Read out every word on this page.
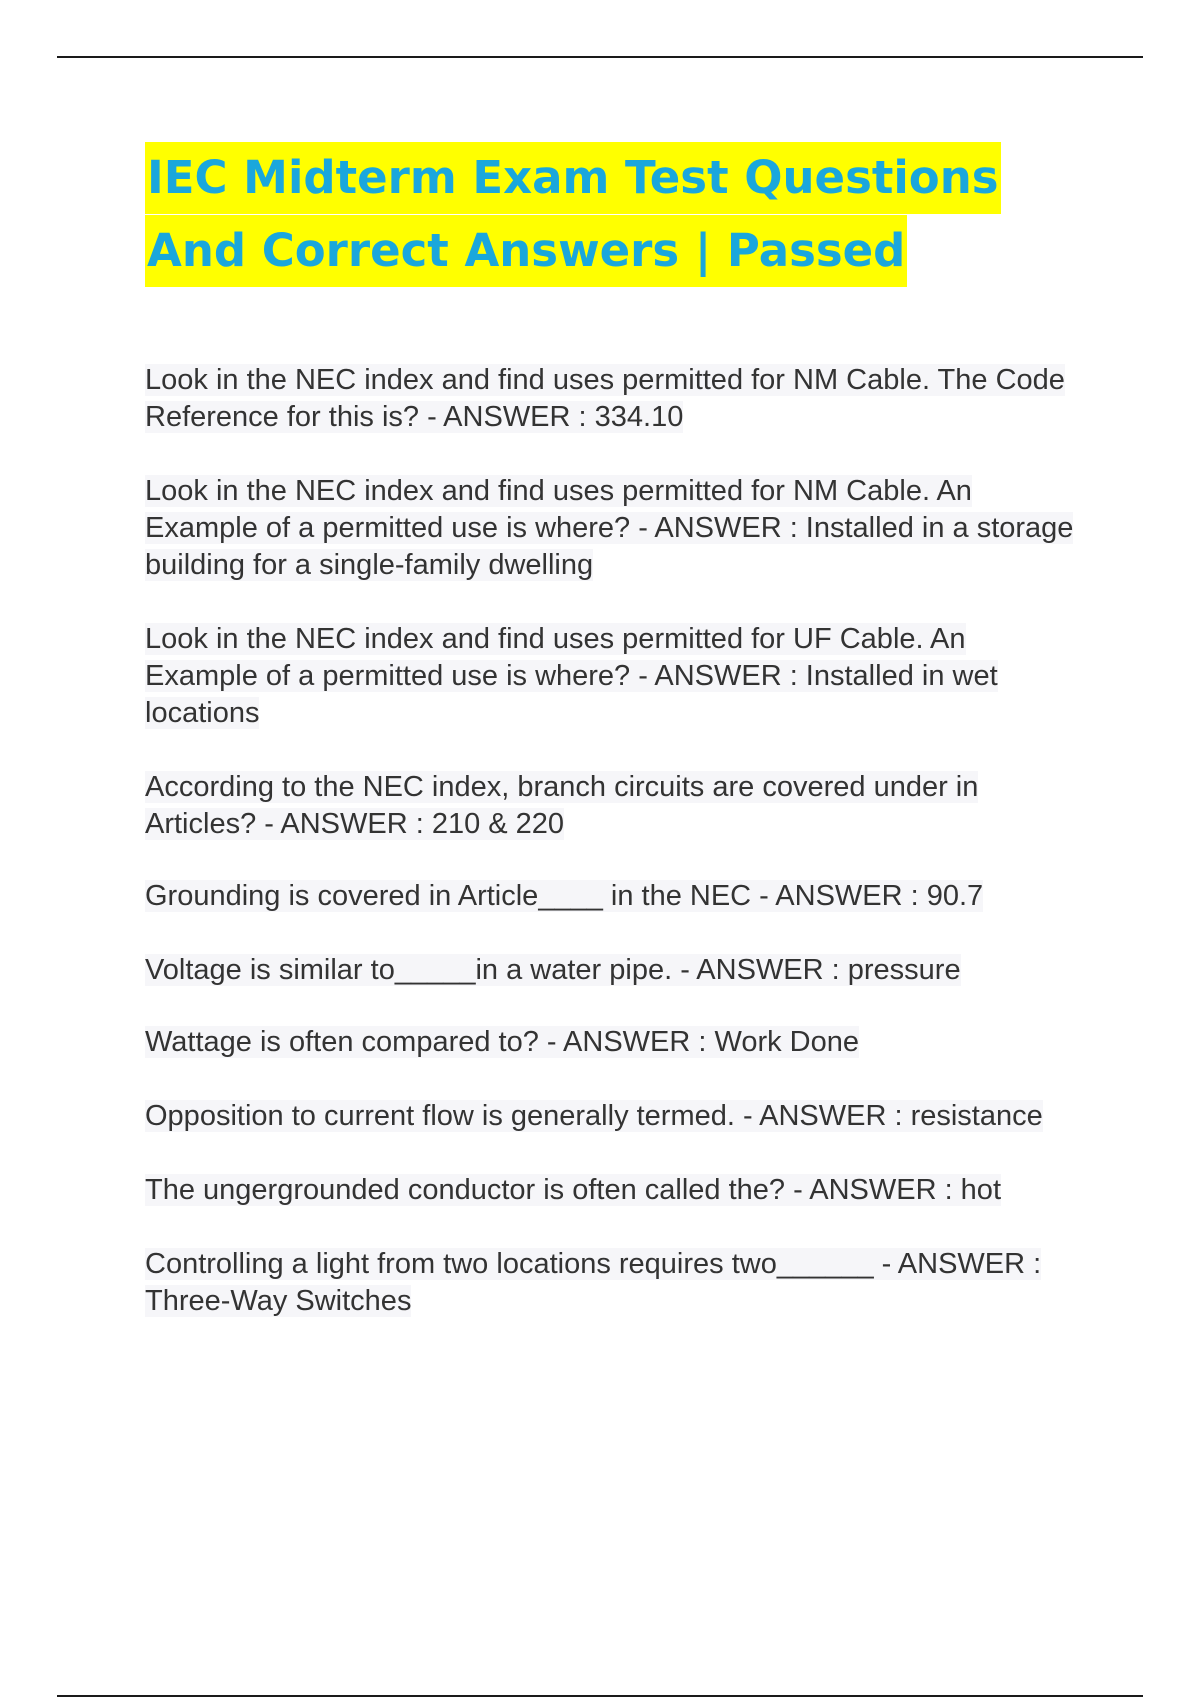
IEC Midterm Exam Test Questions
And Correct Answers | Passed

Look in the NEC index and find uses permitted for NM Cable. The Code Reference for this is? - ANSWER : 334.10

Look in the NEC index and find uses permitted for NM Cable. An Example of a permitted use is where? - ANSWER : Installed in a storage building for a single-family dwelling

Look in the NEC index and find uses permitted for UF Cable. An Example of a permitted use is where? - ANSWER : Installed in wet locations

According to the NEC index, branch circuits are covered under in Articles? - ANSWER : 210 & 220

Grounding is covered in Article____ in the NEC - ANSWER : 90.7

Voltage is similar to_____in a water pipe. - ANSWER : pressure

Wattage is often compared to? - ANSWER : Work Done

Opposition to current flow is generally termed. - ANSWER : resistance

The ungergrounded conductor is often called the? - ANSWER : hot

Controlling a light from two locations requires two______ - ANSWER : Three-Way Switches
